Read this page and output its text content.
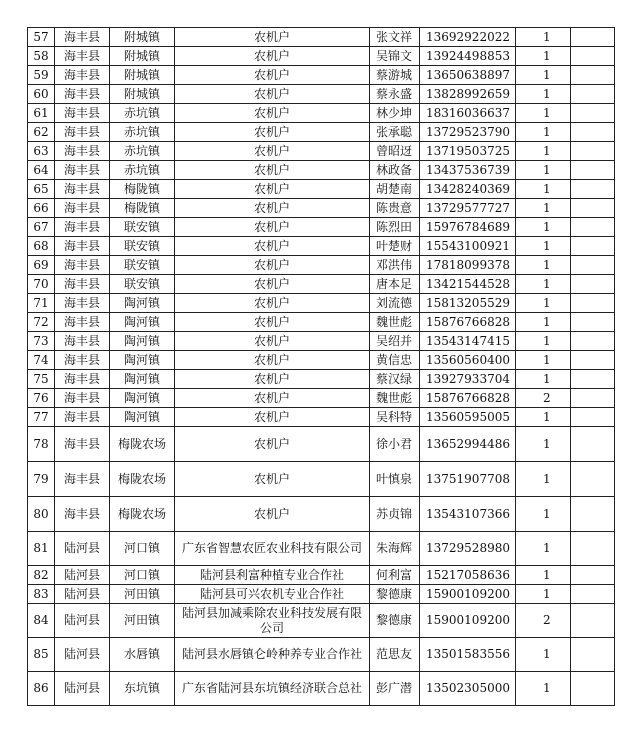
57	海丰县	附城镇	农机户	张文祥	13692922022	1	
58	海丰县	附城镇	农机户	吴锦文	13924498853	1	
59	海丰县	附城镇	农机户	蔡游城	13650638897	1	
60	海丰县	附城镇	农机户	蔡永盛	13828992659	1	
61	海丰县	赤坑镇	农机户	林少坤	18316036637	1	
62	海丰县	赤坑镇	农机户	张承聪	13729523790	1	
63	海丰县	赤坑镇	农机户	曾昭迓	13719503725	1	
64	海丰县	赤坑镇	农机户	林政备	13437536739	1	
65	海丰县	梅陇镇	农机户	胡楚南	13428240369	1	
66	海丰县	梅陇镇	农机户	陈贵意	13729577727	1	
67	海丰县	联安镇	农机户	陈烈田	15976784689	1	
68	海丰县	联安镇	农机户	叶楚财	15543100921	1	
69	海丰县	联安镇	农机户	邓洪伟	17818099378	1	
70	海丰县	联安镇	农机户	唐本足	13421544528	1	
71	海丰县	陶河镇	农机户	刘流德	15813205529	1	
72	海丰县	陶河镇	农机户	魏世彪	15876766828	1	
73	海丰县	陶河镇	农机户	吴绍并	13543147415	1	
74	海丰县	陶河镇	农机户	黄信忠	13560560400	1	
75	海丰县	陶河镇	农机户	蔡汉绿	13927933704	1	
76	海丰县	陶河镇	农机户	魏世彪	15876766828	2	
77	海丰县	陶河镇	农机户	吴科特	13560595005	1	
78	海丰县	梅陇农场	农机户	徐小君	13652994486	1	
79	海丰县	梅陇农场	农机户	叶慎泉	13751907708	1	
80	海丰县	梅陇农场	农机户	苏贞锦	13543107366	1	
81	陆河县	河口镇	广东省智慧农匠农业科技有限公司	朱海辉	13729528980	1	
82	陆河县	河口镇	陆河县利富种植专业合作社	何利富	15217058636	1	
83	陆河县	河田镇	陆河县可兴农机专业合作社	黎德康	15900109200	1	
84	陆河县	河田镇	陆河县加减乘除农业科技发展有限公司	黎德康	15900109200	2	
85	陆河县	水唇镇	陆河县水唇镇仑岭种养专业合作社	范思友	13501583556	1	
86	陆河县	东坑镇	广东省陆河县东坑镇经济联合总社	彭广潜	13502305000	1	
